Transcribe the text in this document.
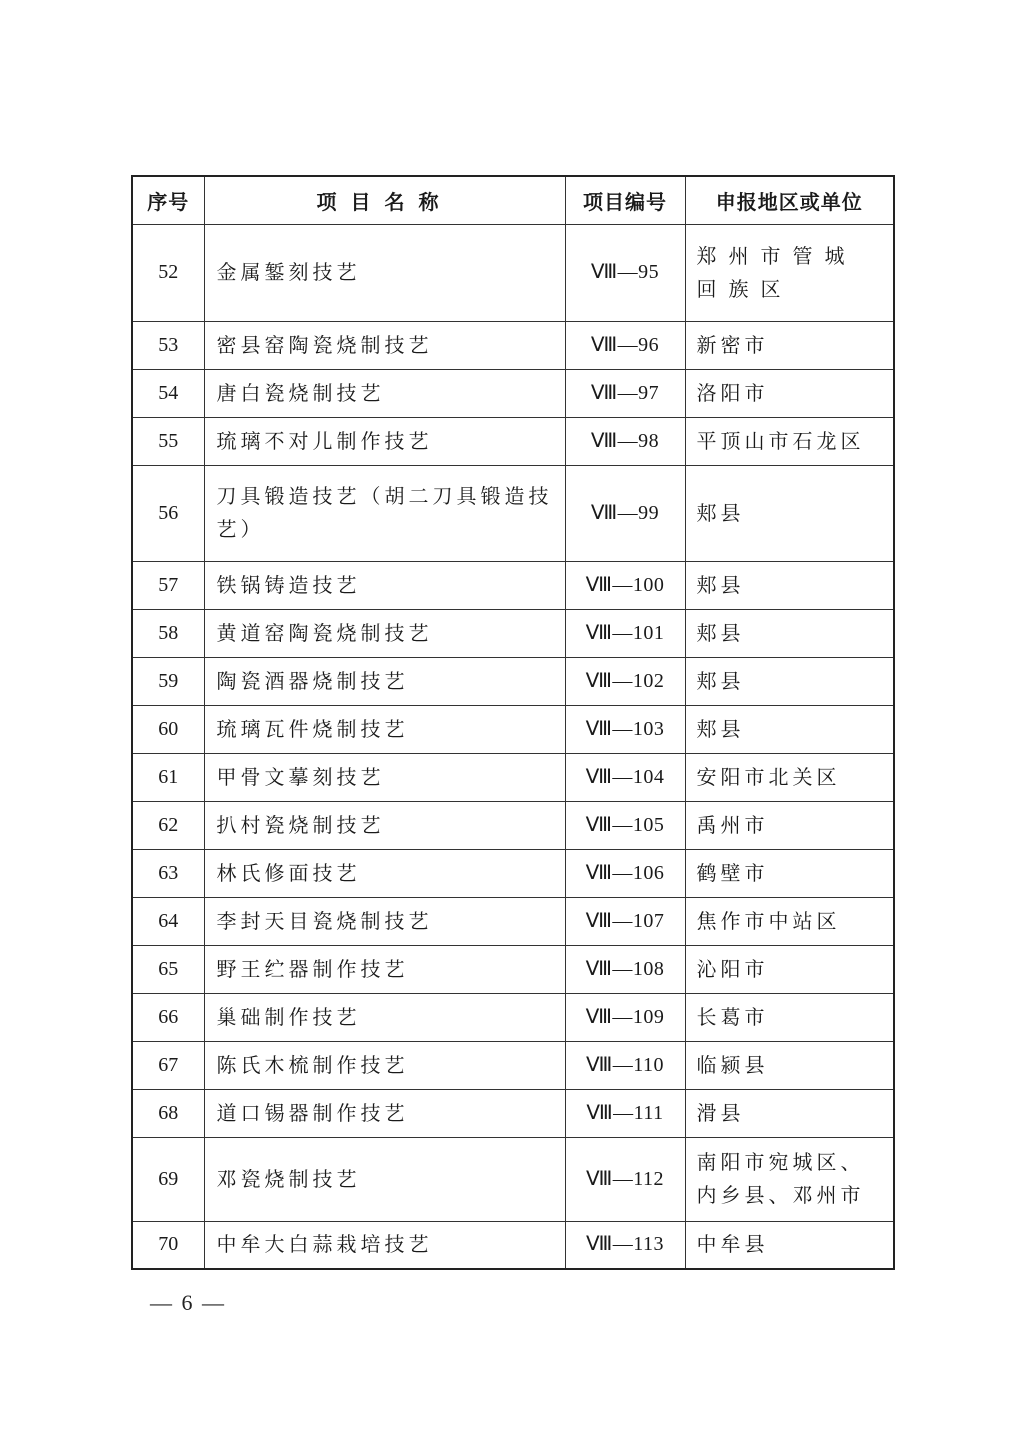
序号	项目名称	项目编号	申报地区或单位
52	金属錾刻技艺	Ⅷ—95	郑州市管城回族区
53	密县窑陶瓷烧制技艺	Ⅷ—96	新密市
54	唐白瓷烧制技艺	Ⅷ—97	洛阳市
55	琉璃不对儿制作技艺	Ⅷ—98	平顶山市石龙区
56	刀具锻造技艺（胡二刀具锻造技艺）	Ⅷ—99	郏县
57	铁锅铸造技艺	Ⅷ—100	郏县
58	黄道窑陶瓷烧制技艺	Ⅷ—101	郏县
59	陶瓷酒器烧制技艺	Ⅷ—102	郏县
60	琉璃瓦件烧制技艺	Ⅷ—103	郏县
61	甲骨文摹刻技艺	Ⅷ—104	安阳市北关区
62	扒村瓷烧制技艺	Ⅷ—105	禹州市
63	林氏修面技艺	Ⅷ—106	鹤壁市
64	李封天目瓷烧制技艺	Ⅷ—107	焦作市中站区
65	野王纻器制作技艺	Ⅷ—108	沁阳市
66	巢础制作技艺	Ⅷ—109	长葛市
67	陈氏木梳制作技艺	Ⅷ—110	临颍县
68	道口锡器制作技艺	Ⅷ—111	滑县
69	邓瓷烧制技艺	Ⅷ—112	南阳市宛城区、内乡县、邓州市
70	中牟大白蒜栽培技艺	Ⅷ—113	中牟县
— 6 —
